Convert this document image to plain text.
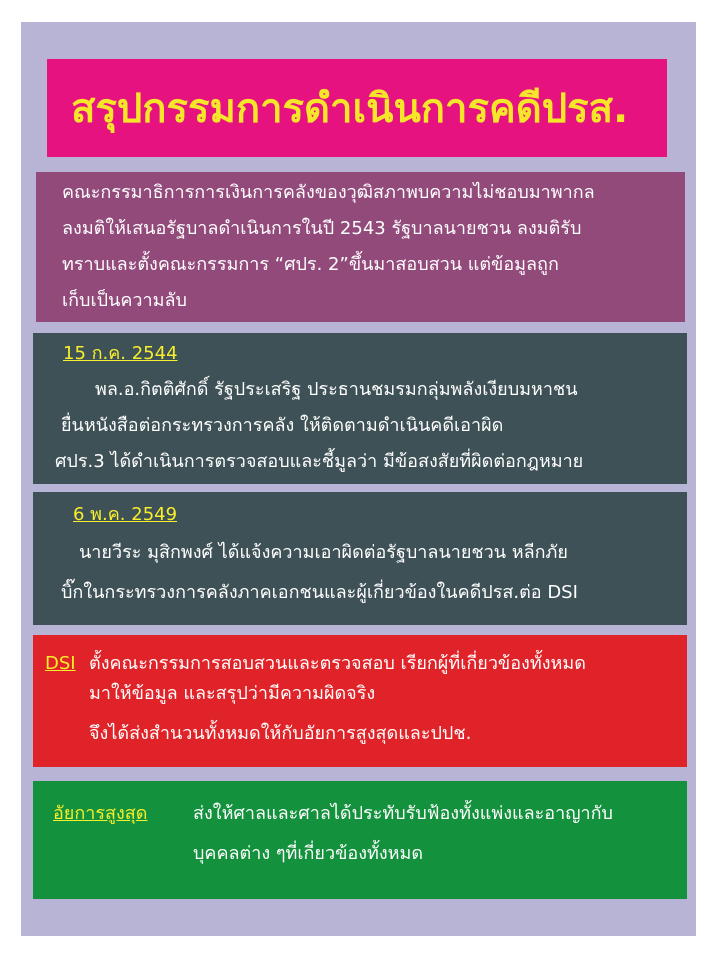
สรุปกรรมการดำเนินการคดีปรส.
คณะกรรมาธิการการเงินการคลังของวุฒิสภาพบความไม่ชอบมาพากล
ลงมติให้เสนอรัฐบาลดำเนินการในปี 2543 รัฐบาลนายชวน ลงมติรับ
ทราบและตั้งคณะกรรมการ “ศปร. 2”ขึ้นมาสอบสวน แต่ข้อมูลถูก
เก็บเป็นความลับ
15 ก.ค. 2544
พล.อ.กิตติศักดิ์ รัฐประเสริฐ ประธานชมรมกลุ่มพลังเงียบมหาชน
ยื่นหนังสือต่อกระทรวงการคลัง ให้ติดตามดำเนินคดีเอาผิด
ศปร.3 ได้ดำเนินการตรวจสอบและชี้มูลว่า มีข้อสงสัยที่ผิดต่อกฎหมาย
6 พ.ค. 2549
นายวีระ มุสิกพงศ์ ได้แจ้งความเอาผิดต่อรัฐบาลนายชวน หลีกภัย
บิ๊กในกระทรวงการคลังภาคเอกชนและผู้เกี่ยวข้องในคดีปรส.ต่อ DSI
DSI ตั้งคณะกรรมการสอบสวนและตรวจสอบ เรียกผู้ที่เกี่ยวข้องทั้งหมด
มาให้ข้อมูล และสรุปว่ามีความผิดจริง
จึงได้ส่งสำนวนทั้งหมดให้กับอัยการสูงสุดและปปช.
อัยการสูงสุด	ส่งให้ศาลและศาลได้ประทับรับฟ้องทั้งแพ่งและอาญากับ
บุคคลต่าง ๆที่เกี่ยวข้องทั้งหมด
